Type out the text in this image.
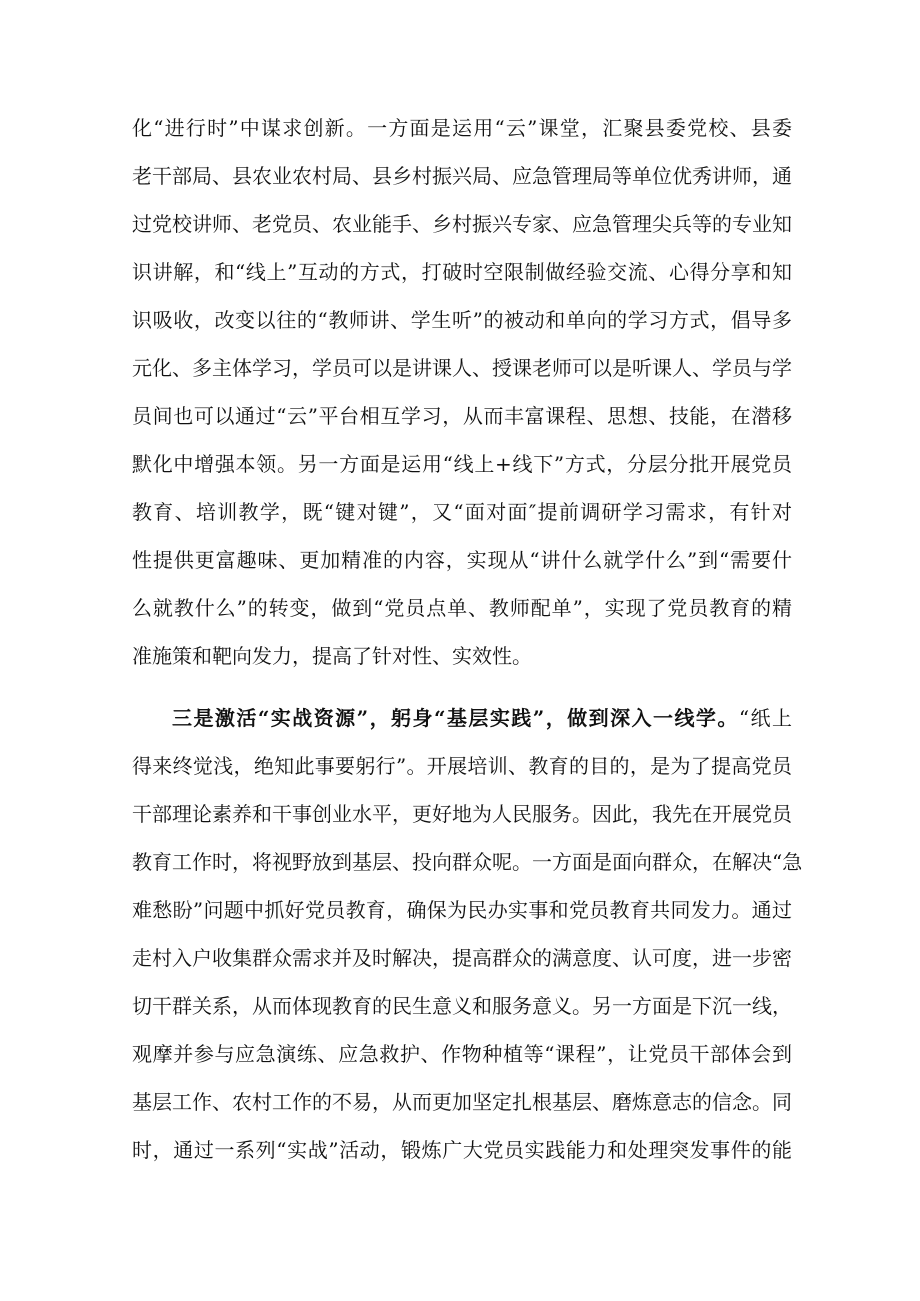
化“进行时”中谋求创新。一方面是运用“云”课堂，汇聚县委党校、县委
老干部局、县农业农村局、县乡村振兴局、应急管理局等单位优秀讲师，通
过党校讲师、老党员、农业能手、乡村振兴专家、应急管理尖兵等的专业知
识讲解，和“线上”互动的方式，打破时空限制做经验交流、心得分享和知
识吸收，改变以往的“教师讲、学生听”的被动和单向的学习方式，倡导多
元化、多主体学习，学员可以是讲课人、授课老师可以是听课人、学员与学
员间也可以通过“云”平台相互学习，从而丰富课程、思想、技能，在潜移
默化中增强本领。另一方面是运用“线上+线下”方式，分层分批开展党员
教育、培训教学，既“键对键”，又“面对面″提前调研学习需求，有针对
性提供更富趣味、更加精准的内容，实现从“讲什么就学什么”到“需要什
么就教什么”的转变，做到“党员点单、教师配单”，实现了党员教育的精
准施策和靶向发力，提高了针对性、实效性。
三是激活“实战资源”，躬身“基层实践”，做到深入一线学。“纸上
得来终觉浅，绝知此事要躬行”。开展培训、教育的目的，是为了提高党员
干部理论素养和干事创业水平，更好地为人民服务。因此，我先在开展党员
教育工作时，将视野放到基层、投向群众呢。一方面是面向群众，在解决“急
难愁盼”问题中抓好党员教育，确保为民办实事和党员教育共同发力。通过
走村入户收集群众需求并及时解决，提高群众的满意度、认可度，进一步密
切干群关系，从而体现教育的民生意义和服务意义。另一方面是下沉一线，
观摩并参与应急演练、应急救护、作物种植等“课程”，让党员干部体会到
基层工作、农村工作的不易，从而更加坚定扎根基层、磨炼意志的信念。同
时，通过一系列“实战”活动，锻炼广大党员实践能力和处理突发事件的能
